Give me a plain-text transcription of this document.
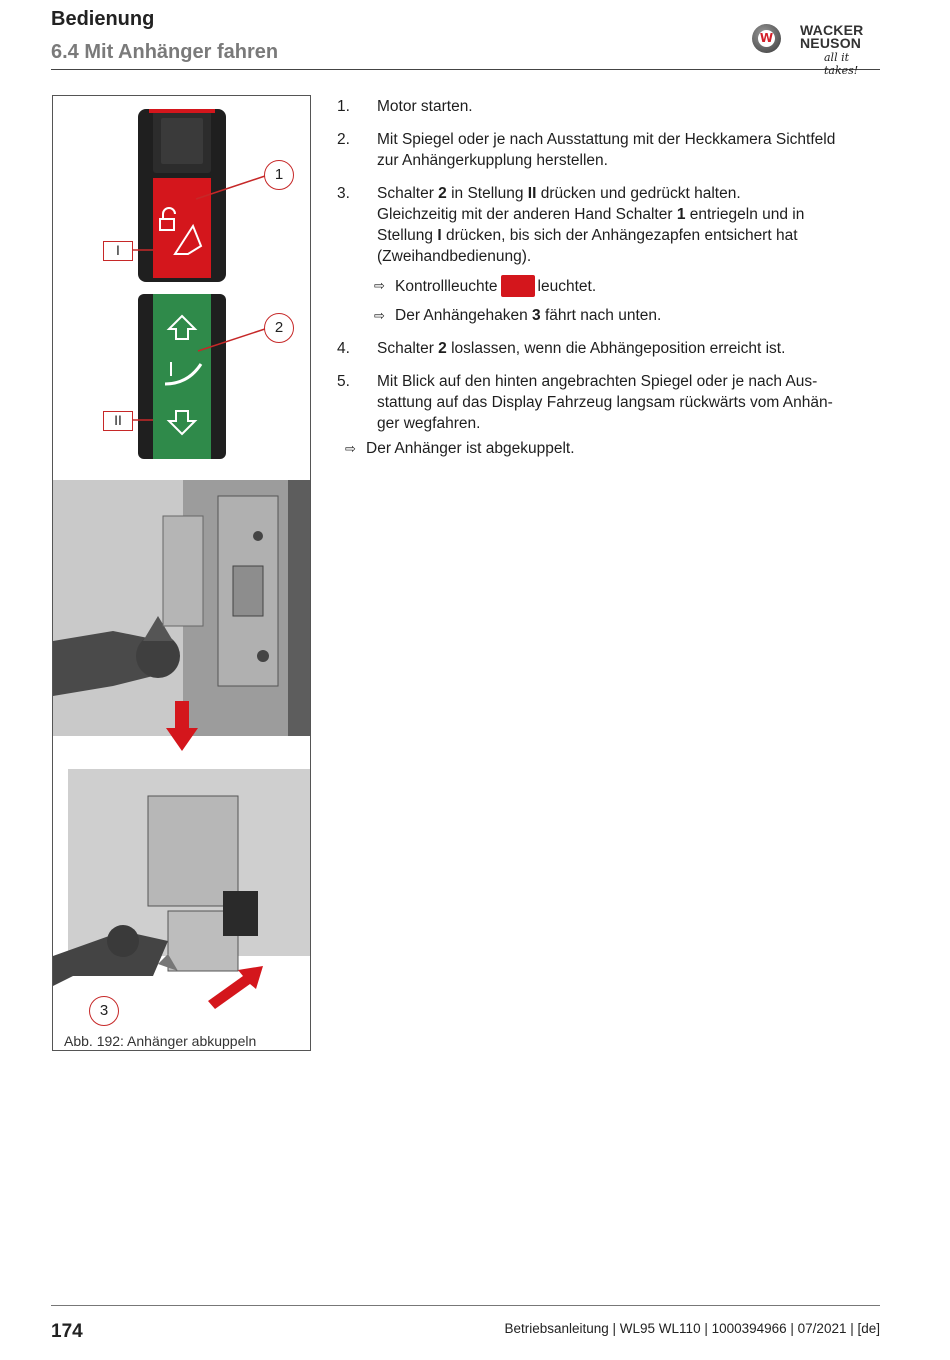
Bedienung
6.4 Mit Anhänger fahren
W WACKER
NEUSON
all it takes!
1
2
3
I
II
Abb. 192: Anhänger abkuppeln
1. Motor starten.
2. Mit Spiegel oder je nach Ausstattung mit der Heckkamera Sichtfeld
zur Anhängerkupplung herstellen.
3. Schalter 2 in Stellung II drücken und gedrückt halten.
Gleichzeitig mit der anderen Hand Schalter 1 entriegeln und in
Stellung I drücken, bis sich der Anhängezapfen entsichert hat
(Zweihandbedienung).
⇨ Kontrollleuchte	leuchtet.
⇨ Der Anhängehaken 3 fährt nach unten.
4. Schalter 2 loslassen, wenn die Abhängeposition erreicht ist.
5. Mit Blick auf den hinten angebrachten Spiegel oder je nach Aus-
stattung auf das Display Fahrzeug langsam rückwärts vom Anhän-
ger wegfahren.
⇨ Der Anhänger ist abgekuppelt.
174	Betriebsanleitung | WL95 WL110 | 1000394966 | 07/2021 | [de]
